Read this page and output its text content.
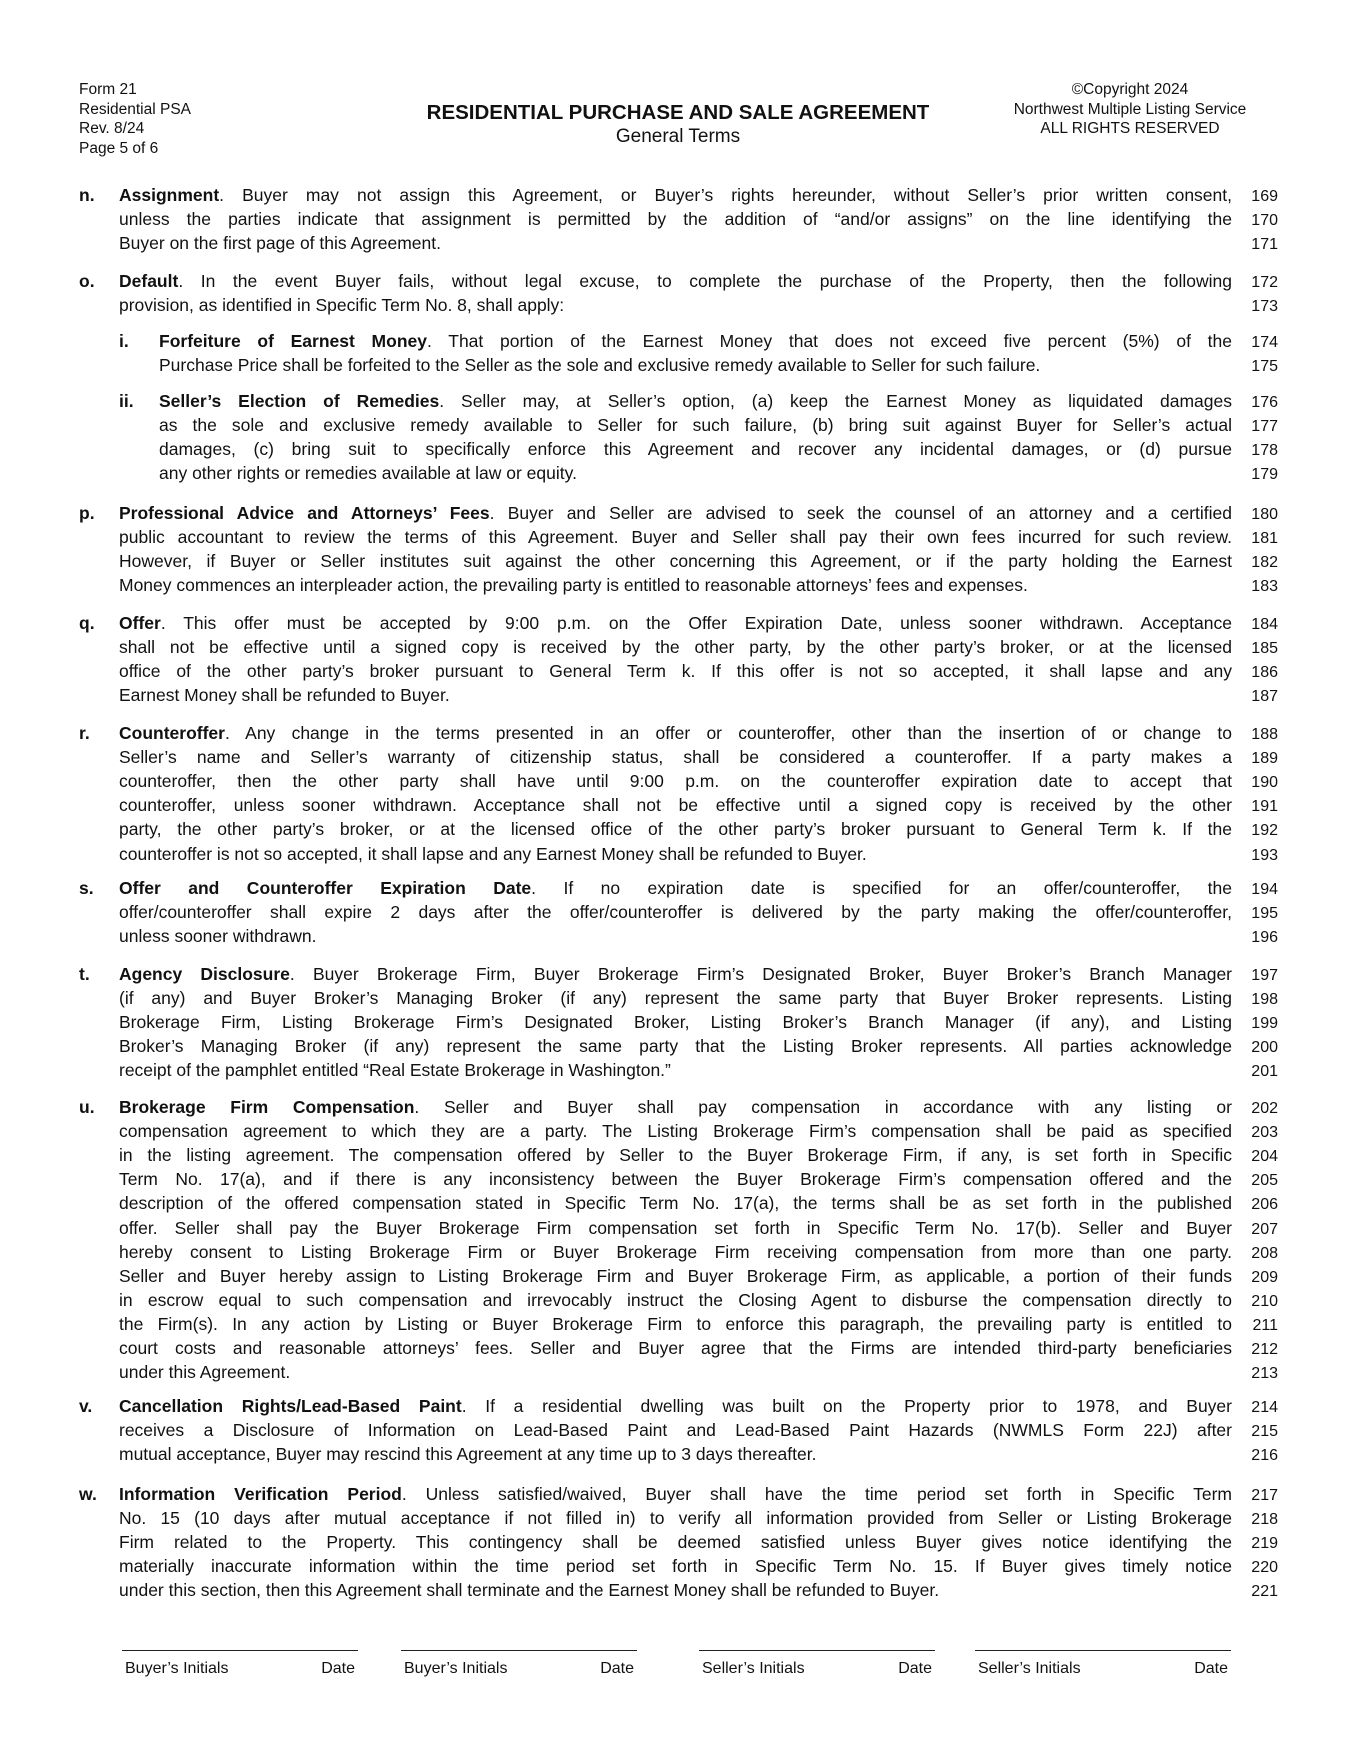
Form 21
Residential PSA
Rev. 8/24
Page 5 of 6
RESIDENTIAL PURCHASE AND SALE AGREEMENT
General Terms
©Copyright 2024
Northwest Multiple Listing Service
ALL RIGHTS RESERVED
n. Assignment. Buyer may not assign this Agreement, or Buyer’s rights hereunder, without Seller’s prior written consent,	169
unless the parties indicate that assignment is permitted by the addition of “and/or assigns” on the line identifying the	170
Buyer on the first page of this Agreement.	171
o. Default. In the event Buyer fails, without legal excuse, to complete the purchase of the Property, then the following	172
provision, as identified in Specific Term No. 8, shall apply:	173
i. Forfeiture of Earnest Money. That portion of the Earnest Money that does not exceed five percent (5%) of the	174
Purchase Price shall be forfeited to the Seller as the sole and exclusive remedy available to Seller for such failure.	175
ii. Seller’s Election of Remedies. Seller may, at Seller’s option, (a) keep the Earnest Money as liquidated damages	176
as the sole and exclusive remedy available to Seller for such failure, (b) bring suit against Buyer for Seller’s actual	177
damages, (c) bring suit to specifically enforce this Agreement and recover any incidental damages, or (d) pursue	178
any other rights or remedies available at law or equity.	179
p. Professional Advice and Attorneys’ Fees. Buyer and Seller are advised to seek the counsel of an attorney and a certified	180
public accountant to review the terms of this Agreement. Buyer and Seller shall pay their own fees incurred for such review.	181
However, if Buyer or Seller institutes suit against the other concerning this Agreement, or if the party holding the Earnest	182
Money commences an interpleader action, the prevailing party is entitled to reasonable attorneys’ fees and expenses.	183
q. Offer. This offer must be accepted by 9:00 p.m. on the Offer Expiration Date, unless sooner withdrawn. Acceptance	184
shall not be effective until a signed copy is received by the other party, by the other party’s broker, or at the licensed	185
office of the other party’s broker pursuant to General Term k. If this offer is not so accepted, it shall lapse and any	186
Earnest Money shall be refunded to Buyer.	187
r. Counteroffer. Any change in the terms presented in an offer or counteroffer, other than the insertion of or change to	188
Seller’s name and Seller’s warranty of citizenship status, shall be considered a counteroffer. If a party makes a	189
counteroffer, then the other party shall have until 9:00 p.m. on the counteroffer expiration date to accept that	190
counteroffer, unless sooner withdrawn. Acceptance shall not be effective until a signed copy is received by the other	191
party, the other party’s broker, or at the licensed office of the other party’s broker pursuant to General Term k. If the	192
counteroffer is not so accepted, it shall lapse and any Earnest Money shall be refunded to Buyer.	193
s. Offer and Counteroffer Expiration Date. If no expiration date is specified for an offer/counteroffer, the	194
offer/counteroffer shall expire 2 days after the offer/counteroffer is delivered by the party making the offer/counteroffer,	195
unless sooner withdrawn.	196
t. Agency Disclosure. Buyer Brokerage Firm, Buyer Brokerage Firm’s Designated Broker, Buyer Broker’s Branch Manager	197
(if any) and Buyer Broker’s Managing Broker (if any) represent the same party that Buyer Broker represents. Listing	198
Brokerage Firm, Listing Brokerage Firm’s Designated Broker, Listing Broker’s Branch Manager (if any), and Listing	199
Broker’s Managing Broker (if any) represent the same party that the Listing Broker represents. All parties acknowledge	200
receipt of the pamphlet entitled “Real Estate Brokerage in Washington.”	201
u. Brokerage Firm Compensation. Seller and Buyer shall pay compensation in accordance with any listing or	202
compensation agreement to which they are a party. The Listing Brokerage Firm’s compensation shall be paid as specified	203
in the listing agreement. The compensation offered by Seller to the Buyer Brokerage Firm, if any, is set forth in Specific	204
Term No. 17(a), and if there is any inconsistency between the Buyer Brokerage Firm’s compensation offered and the	205
description of the offered compensation stated in Specific Term No. 17(a), the terms shall be as set forth in the published	206
offer. Seller shall pay the Buyer Brokerage Firm compensation set forth in Specific Term No. 17(b). Seller and Buyer	207
hereby consent to Listing Brokerage Firm or Buyer Brokerage Firm receiving compensation from more than one party.	208
Seller and Buyer hereby assign to Listing Brokerage Firm and Buyer Brokerage Firm, as applicable, a portion of their funds	209
in escrow equal to such compensation and irrevocably instruct the Closing Agent to disburse the compensation directly to	210
the Firm(s). In any action by Listing or Buyer Brokerage Firm to enforce this paragraph, the prevailing party is entitled to	211
court costs and reasonable attorneys’ fees. Seller and Buyer agree that the Firms are intended third-party beneficiaries	212
under this Agreement.	213
v. Cancellation Rights/Lead-Based Paint. If a residential dwelling was built on the Property prior to 1978, and Buyer	214
receives a Disclosure of Information on Lead-Based Paint and Lead-Based Paint Hazards (NWMLS Form 22J) after	215
mutual acceptance, Buyer may rescind this Agreement at any time up to 3 days thereafter.	216
w. Information Verification Period. Unless satisfied/waived, Buyer shall have the time period set forth in Specific Term	217
No. 15 (10 days after mutual acceptance if not filled in) to verify all information provided from Seller or Listing Brokerage	218
Firm related to the Property. This contingency shall be deemed satisfied unless Buyer gives notice identifying the	219
materially inaccurate information within the time period set forth in Specific Term No. 15. If Buyer gives timely notice	220
under this section, then this Agreement shall terminate and the Earnest Money shall be refunded to Buyer.	221
Buyer’s Initials	Date	Buyer’s Initials	Date	Seller’s Initials	Date	Seller’s Initials	Date
